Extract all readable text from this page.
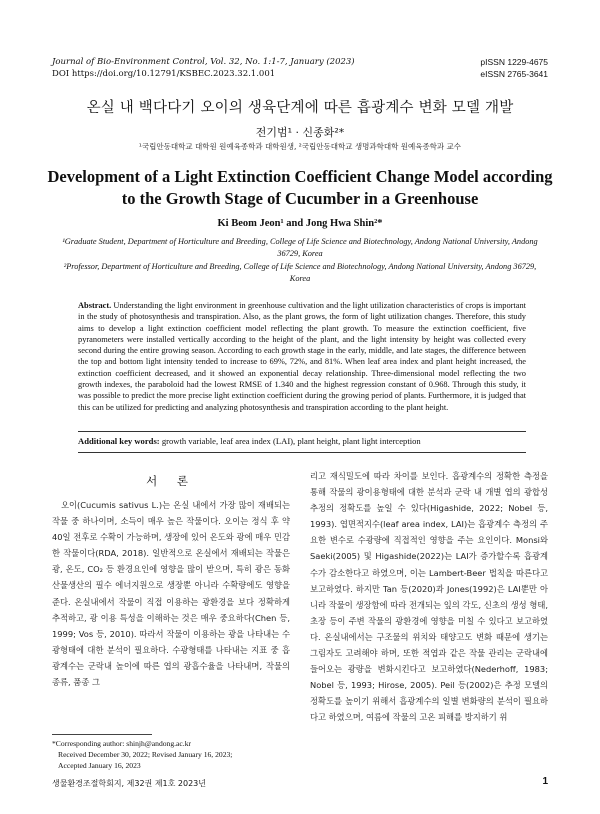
Journal of Bio-Environment Control, Vol. 32, No. 1:1-7, January (2023)
DOI https://doi.org/10.12791/KSBEC.2023.32.1.001
pISSN 1229-4675
eISSN 2765-3641
온실 내 백다다기 오이의 생육단계에 따른 흡광계수 변화 모델 개발
전기범¹ · 신종화²*
¹국립안동대학교 대학원 원예육종학과 대학원생, ²국립안동대학교 생명과학대학 원예육종학과 교수
Development of a Light Extinction Coefficient Change Model according to the Growth Stage of Cucumber in a Greenhouse
Ki Beom Jeon¹ and Jong Hwa Shin²*

¹Graduate Student, Department of Horticulture and Breeding, College of Life Science and Biotechnology, Andong National University, Andong 36729, Korea

²Professor, Department of Horticulture and Breeding, College of Life Science and Biotechnology, Andong National University, Andong 36729, Korea

Abstract. Understanding the light environment in greenhouse cultivation and the light utilization characteristics of crops is important in the study of photosynthesis and transpiration. Also, as the plant grows, the form of light utilization changes. Therefore, this study aims to develop a light extinction coefficient model reflecting the plant growth. To measure the extinction coefficient, five pyranometers were installed vertically according to the height of the plant, and the light intensity by height was collected every second during the entire growing season. According to each growth stage in the early, middle, and late stages, the difference between the top and bottom light intensity tended to increase to 69%, 72%, and 81%. When leaf area index and plant height increased, the extinction coefficient decreased, and it showed an exponential decay relationship. Three-dimensional model reflecting the two growth indexes, the paraboloid had the lowest RMSE of 1.340 and the highest regression constant of 0.968. Through this study, it was possible to predict the more precise light extinction coefficient during the growing period of plants. Furthermore, it is judged that this can be utilized for predicting and analyzing photosynthesis and transpiration according to the plant height.
Additional key words: growth variable, leaf area index (LAI), plant height, plant light interception
서 론

오이(Cucumis sativus L.)는 온실 내에서 가장 많이 재배되는 작물 중 하나이며, 소득이 매우 높은 작물이다. 오이는 정식 후 약 40일 전후로 수확이 가능하며, 생장에 있어 온도와 광에 매우 민감한 작물이다(RDA, 2018). 일반적으로 온실에서 재배되는 작물은 광, 온도, CO₂ 등 환경요인에 영향을 많이 받으며, 특히 광은 동화산물생산의 필수 에너지원으로 생장뿐 아니라 수확량에도 영향을 준다. 온실내에서 작물이 직접 이용하는 광환경을 보다 정확하게 추적하고, 광 이용 특성을 이해하는 것은 매우 중요하다(Chen 등, 1999; Vos 등, 2010). 따라서 작물이 이용하는 광을 나타내는 수광형태에 대한 분석이 필요하다. 수광형태를 나타내는 지표 중 흡광계수는 군락내 높이에 따른 엽의 광흡수율을 나타내며, 작물의 종류, 품종 그

리고 재식밀도에 따라 차이를 보인다. 흡광계수의 정확한 측정을 통해 작물의 광이용형태에 대한 분석과 군락 내 개별 엽의 광합성 추정의 정확도를 높일 수 있다(Higashide, 2022; Nobel 등, 1993). 엽면적지수(leaf area index, LAI)는 흡광계수 측정의 주요한 변수로 수광량에 직접적인 영향을 주는 요인이다. Monsi와 Saeki(2005) 및 Higashide(2022)는 LAI가 증가할수록 흡광계수가 감소한다고 하였으며, 이는 Lambert-Beer 법칙을 따른다고 보고하였다. 하지만 Tan 등(2020)과 Jones(1992)은 LAI뿐만 아니라 작물이 생장함에 따라 전개되는 잎의 각도, 신초의 생성 형태, 초장 등이 주변 작물의 광환경에 영향을 미칠 수 있다고 보고하였다. 온실내에서는 구조물의 위치와 태양고도 변화 때문에 생기는 그림자도 고려해야 하며, 또한 적엽과 같은 작물 관리는 군락내에 들어오는 광량을 변화시킨다고 보고하였다(Nederhoff, 1983; Nobel 등, 1993; Hirose, 2005). Peil 등(2002)은 추정 모델의 정확도를 높이기 위해서 흡광계수의 일별 변화량의 분석이 필요하다고 하였으며, 여름에 작물의 고온 피해를 방지하기 위

*Corresponding author: shinjh@andong.ac.kr
Received December 30, 2022; Revised January 16, 2023;
Accepted January 16, 2023
생물환경조절학회지, 제32권 제1호 2023년	1
